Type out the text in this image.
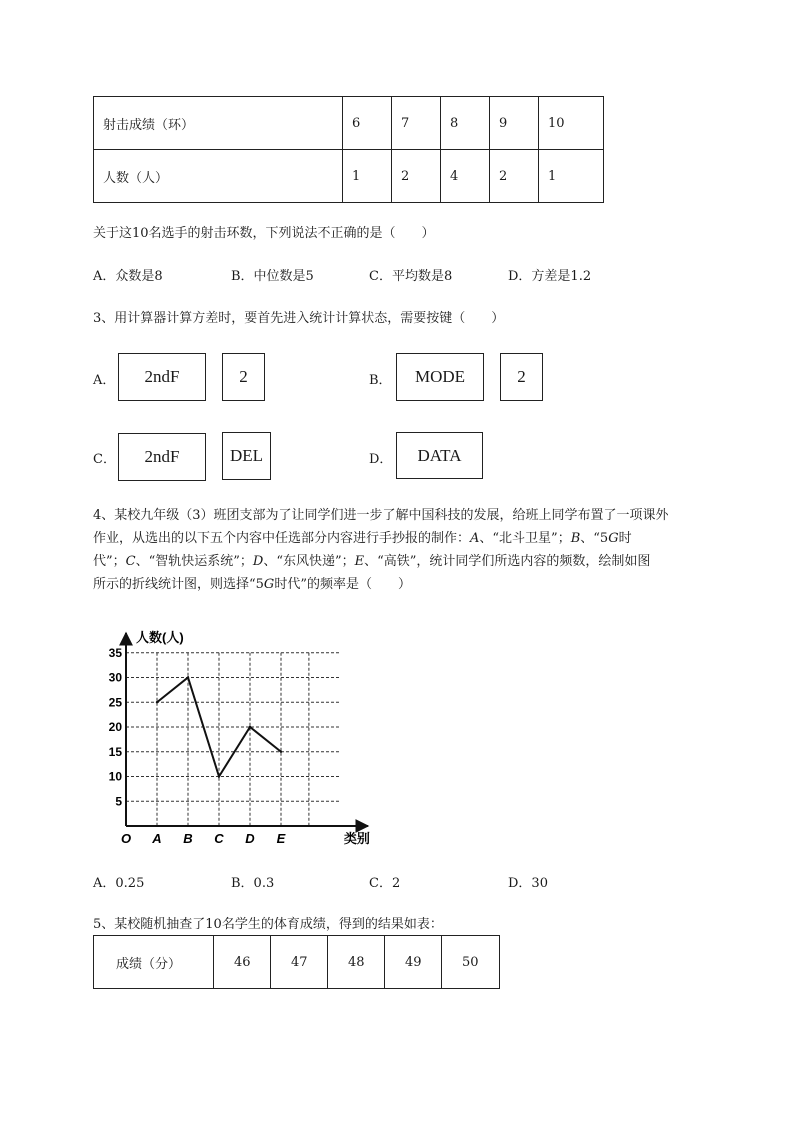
射击成绩（环）	6	7	8	9	10
人数（人）	1	2	4	2	1
关于这10名选手的射击环数，下列说法不正确的是（　　）
A．众数是8	B．中位数是5	C．平均数是8	D．方差是1.2
3、用计算器计算方差时，要首先进入统计计算状态，需要按键（　　）
A．	2ndF	2	B．	MODE	2
C．	2ndF	DEL	D．	DATA
4、某校九年级（3）班团支部为了让同学们进一步了解中国科技的发展，给班上同学布置了一项课外
作业，从选出的以下五个内容中任选部分内容进行手抄报的制作：A、“北斗卫星”；B、“5G时
代”；C、“智轨快运系统”；D、“东风快递”；E、“高铁”，统计同学们所选内容的频数，绘制如图
所示的折线统计图，则选择“5G时代”的频率是（　　）
5
10
15
20
25
30
35
A B C D E
O
人数(人)
类别
A．0.25	B．0.3	C．2	D．30
5、某校随机抽查了10名学生的体育成绩，得到的结果如表：
成绩（分）	46	47	48	49	50
